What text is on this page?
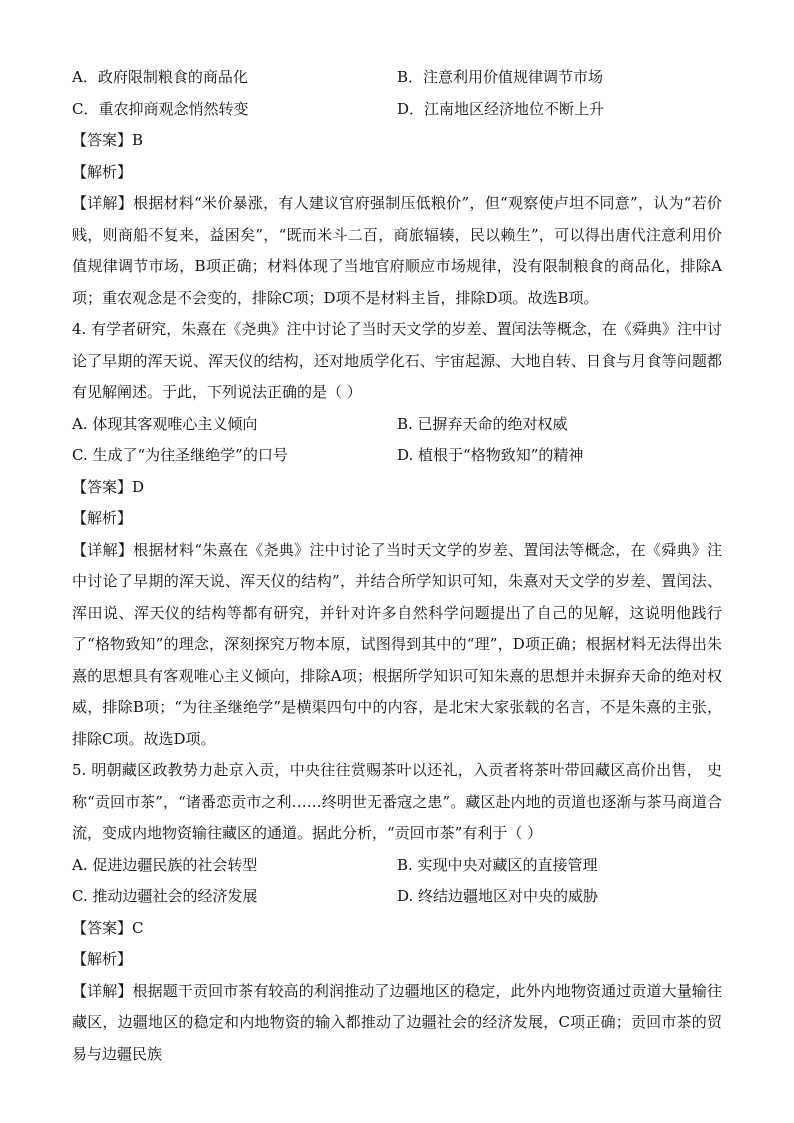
A．政府限制粮食的商品化	B．注意利用价值规律调节市场
C．重农抑商观念悄然转变	D．江南地区经济地位不断上升
【答案】B
【解析】
【详解】根据材料“米价暴涨，有人建议官府强制压低粮价”，但“观察使卢坦不同意”，认为“若价贱，则商船不复来，益困矣”，“既而米斗二百，商旅辐辏，民以赖生”，可以得出唐代注意利用价值规律调节市场，B项正确；材料体现了当地官府顺应市场规律，没有限制粮食的商品化，排除A项；重农观念是不会变的，排除C项；D项不是材料主旨，排除D项。故选B项。
4. 有学者研究，朱熹在《尧典》注中讨论了当时天文学的岁差、置闰法等概念，在《舜典》注中讨论了早期的浑天说、浑天仪的结构，还对地质学化石、宇宙起源、大地自转、日食与月食等问题都有见解阐述。于此，下列说法正确的是（ ）
A. 体现其客观唯心主义倾向	B. 已摒弃天命的绝对权威
C. 生成了“为往圣继绝学”的口号	D. 植根于“格物致知”的精神
【答案】D
【解析】
【详解】根据材料“朱熹在《尧典》注中讨论了当时天文学的岁差、置闰法等概念，在《舜典》注中讨论了早期的浑天说、浑天仪的结构”，并结合所学知识可知，朱熹对天文学的岁差、置闰法、浑田说、浑天仪的结构等都有研究，并针对许多自然科学问题提出了自己的见解，这说明他践行了“格物致知”的理念，深刻探究万物本原，试图得到其中的“理”，D项正确；根据材料无法得出朱熹的思想具有客观唯心主义倾向，排除A项；根据所学知识可知朱熹的思想并未摒弃天命的绝对权威，排除B项；“为往圣继绝学”是横渠四句中的内容，是北宋大家张载的名言，不是朱熹的主张，排除C项。故选D项。
5. 明朝藏区政教势力赴京入贡，中央往往赏赐茶叶以还礼，入贡者将茶叶带回藏区高价出售， 史称“贡回市茶”，“诸番恋贡市之利……终明世无番寇之患”。藏区赴内地的贡道也逐渐与茶马商道合流，变成内地物资输往藏区的通道。据此分析，“贡回市茶”有利于（ ）
A. 促进边疆民族的社会转型	B. 实现中央对藏区的直接管理
C. 推动边疆社会的经济发展	D. 终结边疆地区对中央的威胁
【答案】C
【解析】
【详解】根据题干贡回市茶有较高的利润推动了边疆地区的稳定，此外内地物资通过贡道大量输往藏区，边疆地区的稳定和内地物资的输入都推动了边疆社会的经济发展，C项正确；贡回市茶的贸易与边疆民族
